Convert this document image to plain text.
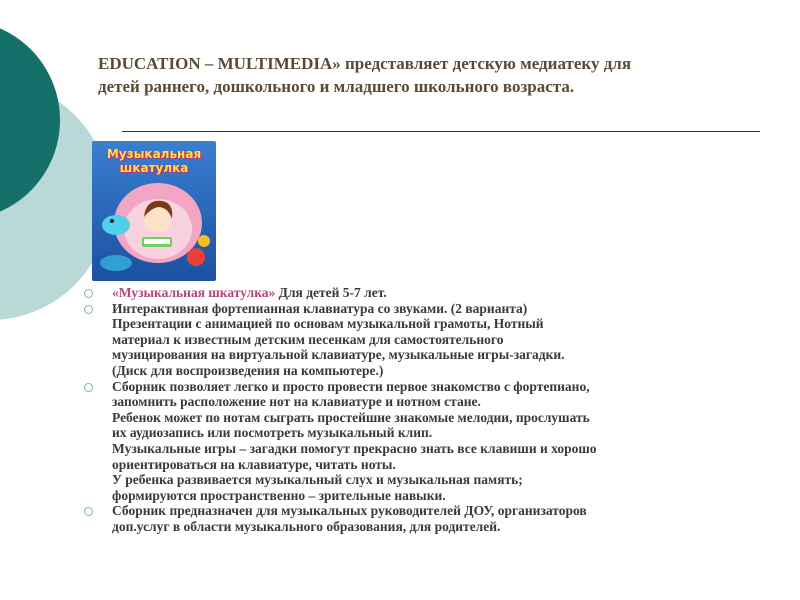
EDUCATION – MULTIMEDIA» представляет детскую медиатеку для
детей раннего, дошкольного и младшего школьного возраста.
Музыкальная
шкатулка
«Музыкальная шкатулка» Для детей 5-7 лет.
Интерактивная фортепианная клавиатура со звуками. (2 варианта)
Презентации с анимацией по основам музыкальной грамоты, Нотный
материал к известным детским песенкам для самостоятельного
музицирования на виртуальной клавиатуре, музыкальные игры-загадки.
(Диск для воспроизведения на компьютере.)
Сборник позволяет легко и просто провести первое знакомство с фортепиано,
запомнить расположение нот на клавиатуре и нотном стане.
Ребенок может по нотам сыграть простейшие знакомые мелодии, прослушать
их аудиозапись или посмотреть музыкальный клип.
Музыкальные игры – загадки помогут прекрасно знать все клавиши и хорошо
ориентироваться на клавиатуре, читать ноты.
У ребенка развивается музыкальный слух и музыкальная память;
формируются пространственно – зрительные навыки.
Сборник предназначен для музыкальных руководителей ДОУ, организаторов
доп.услуг в области музыкального образования, для родителей.
